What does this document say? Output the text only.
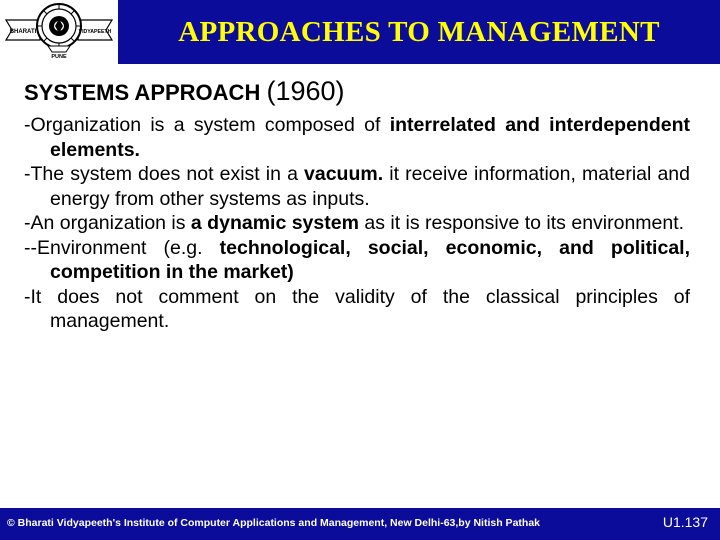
BHARATI	VIDYAPEETH
PUNE
APPROACHES TO MANAGEMENT
SYSTEMS APPROACH (1960)

-Organization is a system composed of interrelated and interdependent elements.

-The system does not exist in a vacuum. it receive information, material and energy from other systems as inputs.

-An organization is a dynamic system as it is responsive to its environment.

--Environment (e.g. technological, social, economic, and political, competition in the market)

-It does not comment on the validity of the classical principles of management.

© Bharati Vidyapeeth's Institute of Computer Applications and Management, New Delhi-63,by Nitish Pathak	U1.137
